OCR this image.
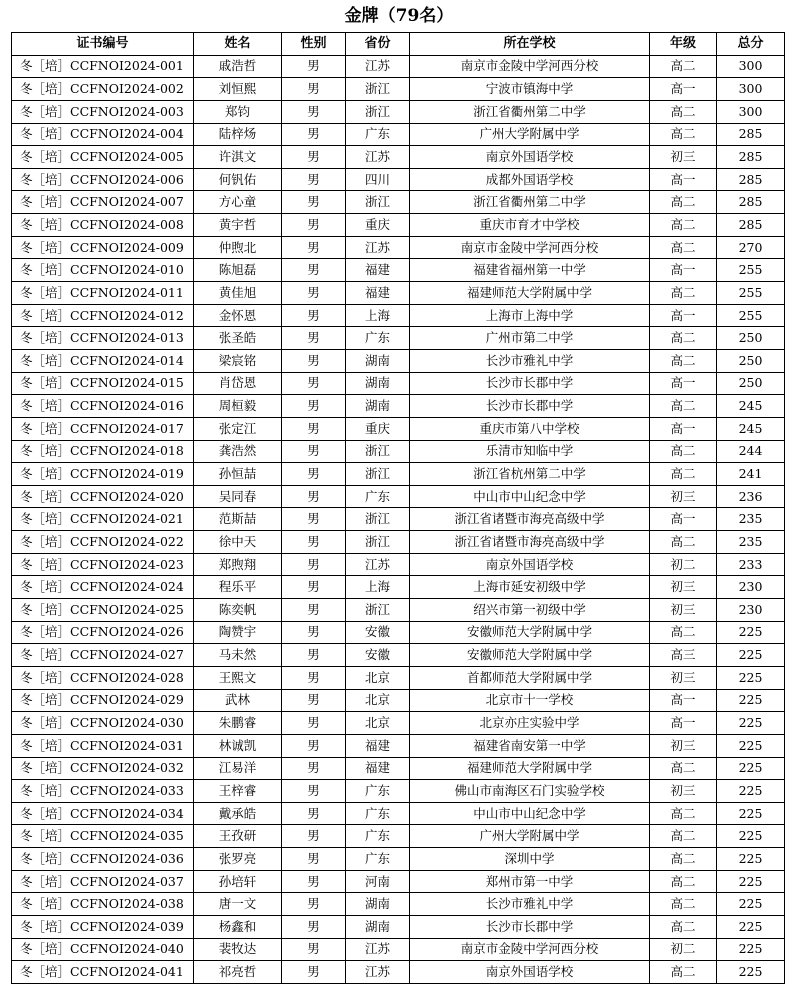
金牌（79名）
证书编号	姓名	性别	省份	所在学校	年级	总分
冬［培］CCFNOI2024-001	戚浩哲	男	江苏	南京市金陵中学河西分校	高二	300
冬［培］CCFNOI2024-002	刘恒熙	男	浙江	宁波市镇海中学	高一	300
冬［培］CCFNOI2024-003	郑钧	男	浙江	浙江省衢州第二中学	高二	300
冬［培］CCFNOI2024-004	陆梓炀	男	广东	广州大学附属中学	高二	285
冬［培］CCFNOI2024-005	许淇文	男	江苏	南京外国语学校	初三	285
冬［培］CCFNOI2024-006	何钒佑	男	四川	成都外国语学校	高一	285
冬［培］CCFNOI2024-007	方心童	男	浙江	浙江省衢州第二中学	高二	285
冬［培］CCFNOI2024-008	黄宇哲	男	重庆	重庆市育才中学校	高二	285
冬［培］CCFNOI2024-009	仲煦北	男	江苏	南京市金陵中学河西分校	高二	270
冬［培］CCFNOI2024-010	陈旭磊	男	福建	福建省福州第一中学	高一	255
冬［培］CCFNOI2024-011	黄佳旭	男	福建	福建师范大学附属中学	高二	255
冬［培］CCFNOI2024-012	金怀恩	男	上海	上海市上海中学	高一	255
冬［培］CCFNOI2024-013	张圣皓	男	广东	广州市第二中学	高二	250
冬［培］CCFNOI2024-014	梁宸铭	男	湖南	长沙市雅礼中学	高二	250
冬［培］CCFNOI2024-015	肖岱恩	男	湖南	长沙市长郡中学	高一	250
冬［培］CCFNOI2024-016	周桓毅	男	湖南	长沙市长郡中学	高二	245
冬［培］CCFNOI2024-017	张定江	男	重庆	重庆市第八中学校	高一	245
冬［培］CCFNOI2024-018	龚浩然	男	浙江	乐清市知临中学	高二	244
冬［培］CCFNOI2024-019	孙恒喆	男	浙江	浙江省杭州第二中学	高二	241
冬［培］CCFNOI2024-020	吴同春	男	广东	中山市中山纪念中学	初三	236
冬［培］CCFNOI2024-021	范斯喆	男	浙江	浙江省诸暨市海亮高级中学	高一	235
冬［培］CCFNOI2024-022	徐中天	男	浙江	浙江省诸暨市海亮高级中学	高二	235
冬［培］CCFNOI2024-023	郑煦翔	男	江苏	南京外国语学校	初二	233
冬［培］CCFNOI2024-024	程乐平	男	上海	上海市延安初级中学	初三	230
冬［培］CCFNOI2024-025	陈奕帆	男	浙江	绍兴市第一初级中学	初三	230
冬［培］CCFNOI2024-026	陶赞宇	男	安徽	安徽师范大学附属中学	高二	225
冬［培］CCFNOI2024-027	马未然	男	安徽	安徽师范大学附属中学	高三	225
冬［培］CCFNOI2024-028	王熙文	男	北京	首都师范大学附属中学	初三	225
冬［培］CCFNOI2024-029	武林	男	北京	北京市十一学校	高一	225
冬［培］CCFNOI2024-030	朱鹏睿	男	北京	北京亦庄实验中学	高一	225
冬［培］CCFNOI2024-031	林诚凯	男	福建	福建省南安第一中学	初三	225
冬［培］CCFNOI2024-032	江易洋	男	福建	福建师范大学附属中学	高二	225
冬［培］CCFNOI2024-033	王梓睿	男	广东	佛山市南海区石门实验学校	初三	225
冬［培］CCFNOI2024-034	戴承皓	男	广东	中山市中山纪念中学	高二	225
冬［培］CCFNOI2024-035	王孜研	男	广东	广州大学附属中学	高二	225
冬［培］CCFNOI2024-036	张罗亮	男	广东	深圳中学	高二	225
冬［培］CCFNOI2024-037	孙培轩	男	河南	郑州市第一中学	高二	225
冬［培］CCFNOI2024-038	唐一文	男	湖南	长沙市雅礼中学	高二	225
冬［培］CCFNOI2024-039	杨鑫和	男	湖南	长沙市长郡中学	高二	225
冬［培］CCFNOI2024-040	裴牧达	男	江苏	南京市金陵中学河西分校	初二	225
冬［培］CCFNOI2024-041	祁亮哲	男	江苏	南京外国语学校	高二	225
